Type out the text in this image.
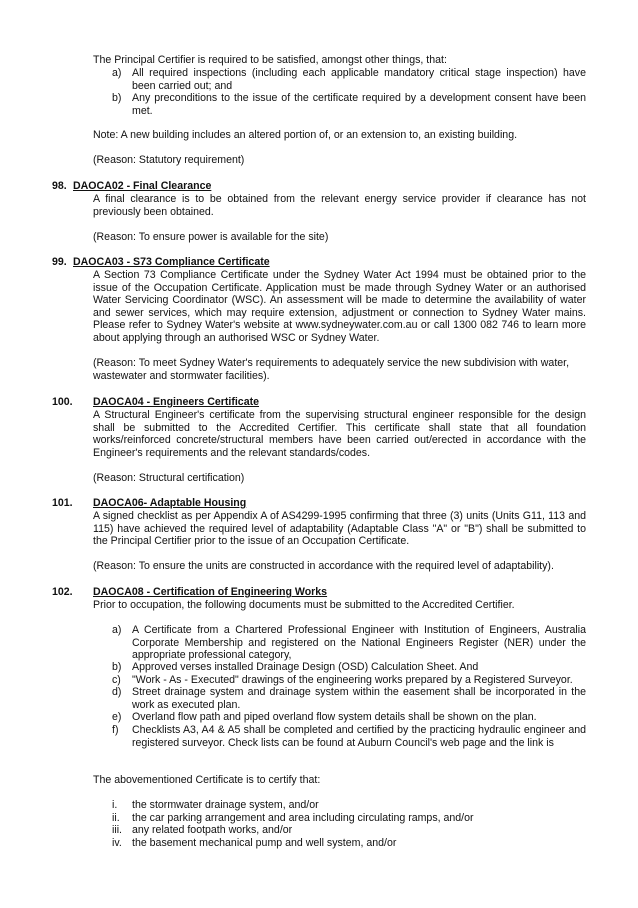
The Principal Certifier is required to be satisfied, amongst other things, that:
a) All required inspections (including each applicable mandatory critical stage inspection) have been carried out; and
b) Any preconditions to the issue of the certificate required by a development consent have been met.
Note: A new building includes an altered portion of, or an extension to, an existing building.
(Reason: Statutory requirement)
98. DAOCA02 - Final Clearance
A final clearance is to be obtained from the relevant energy service provider if clearance has not previously been obtained.
(Reason: To ensure power is available for the site)
99. DAOCA03 - S73 Compliance Certificate
A Section 73 Compliance Certificate under the Sydney Water Act 1994 must be obtained prior to the issue of the Occupation Certificate. Application must be made through Sydney Water or an authorised Water Servicing Coordinator (WSC). An assessment will be made to determine the availability of water and sewer services, which may require extension, adjustment or connection to Sydney Water mains. Please refer to Sydney Water's website at www.sydneywater.com.au or call 1300 082 746 to learn more about applying through an authorised WSC or Sydney Water.
(Reason: To meet Sydney Water's requirements to adequately service the new subdivision with water, wastewater and stormwater facilities).
100. DAOCA04 - Engineers Certificate
A Structural Engineer's certificate from the supervising structural engineer responsible for the design shall be submitted to the Accredited Certifier. This certificate shall state that all foundation works/reinforced concrete/structural members have been carried out/erected in accordance with the Engineer's requirements and the relevant standards/codes.
(Reason: Structural certification)
101. DAOCA06- Adaptable Housing
A signed checklist as per Appendix A of AS4299-1995 confirming that three (3) units (Units G11, 113 and 115) have achieved the required level of adaptability (Adaptable Class "A" or "B") shall be submitted to the Principal Certifier prior to the issue of an Occupation Certificate.
(Reason: To ensure the units are constructed in accordance with the required level of adaptability).
102. DAOCA08 - Certification of Engineering Works
Prior to occupation, the following documents must be submitted to the Accredited Certifier.
a) A Certificate from a Chartered Professional Engineer with Institution of Engineers, Australia Corporate Membership and registered on the National Engineers Register (NER) under the appropriate professional category,
b) Approved verses installed Drainage Design (OSD) Calculation Sheet. And
c) "Work - As - Executed" drawings of the engineering works prepared by a Registered Surveyor.
d) Street drainage system and drainage system within the easement shall be incorporated in the work as executed plan.
e) Overland flow path and piped overland flow system details shall be shown on the plan.
f) Checklists A3, A4 & A5 shall be completed and certified by the practicing hydraulic engineer and registered surveyor. Check lists can be found at Auburn Council's web page and the link is
The abovementioned Certificate is to certify that:
i. the stormwater drainage system, and/or
ii. the car parking arrangement and area including circulating ramps, and/or
iii. any related footpath works, and/or
iv. the basement mechanical pump and well system, and/or
